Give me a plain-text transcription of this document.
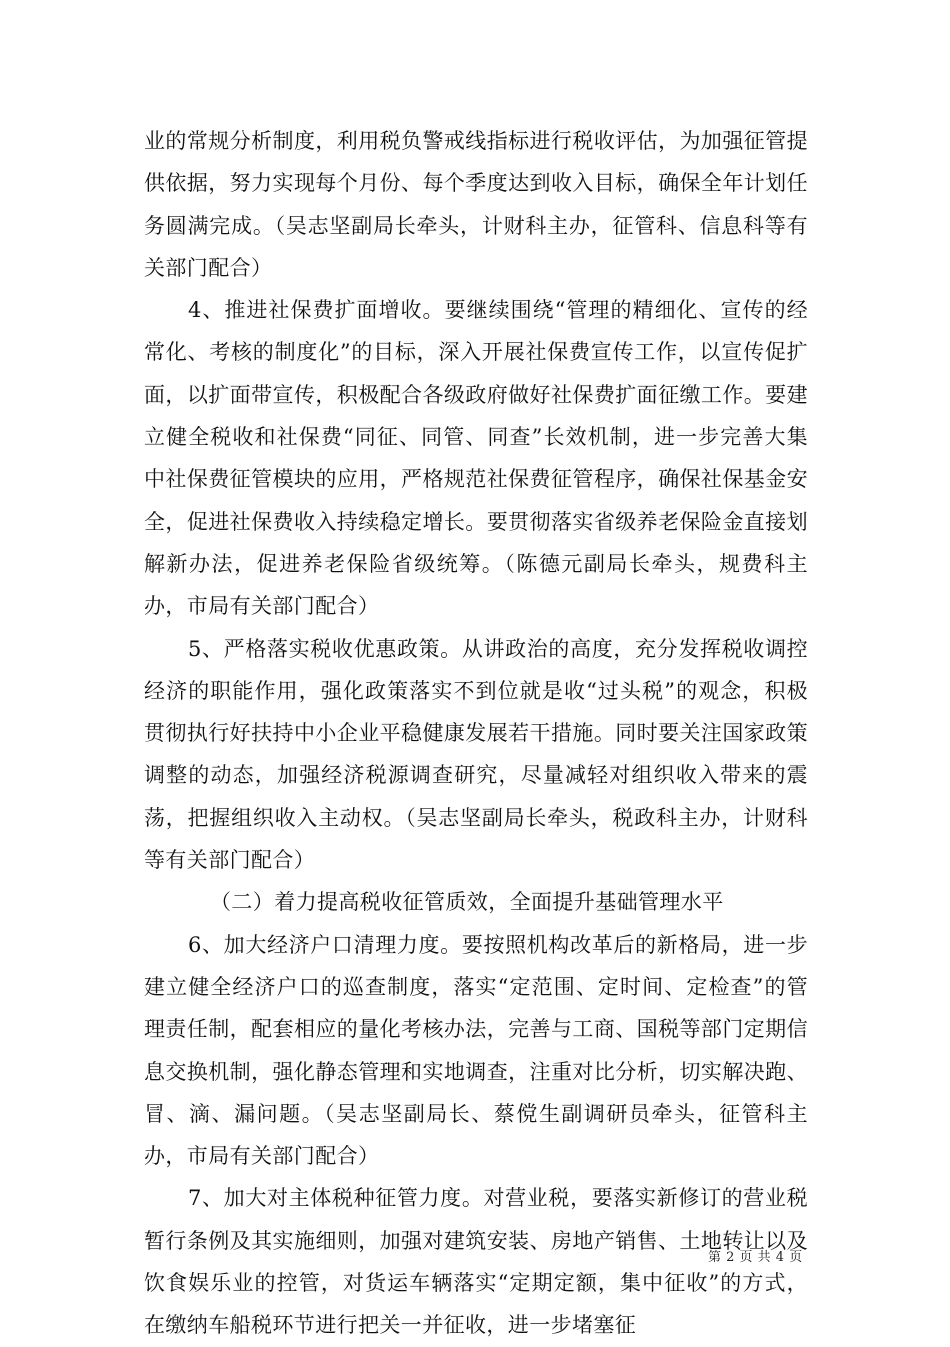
业的常规分析制度，利用税负警戒线指标进行税收评估，为加强征管提供依据，努力实现每个月份、每个季度达到收入目标，确保全年计划任务圆满完成。（吴志坚副局长牵头，计财科主办，征管科、信息科等有关部门配合）

4、推进社保费扩面增收。要继续围绕“管理的精细化、宣传的经常化、考核的制度化”的目标，深入开展社保费宣传工作，以宣传促扩面，以扩面带宣传，积极配合各级政府做好社保费扩面征缴工作。要建立健全税收和社保费“同征、同管、同查”长效机制，进一步完善大集中社保费征管模块的应用，严格规范社保费征管程序，确保社保基金安全，促进社保费收入持续稳定增长。要贯彻落实省级养老保险金直接划解新办法，促进养老保险省级统筹。（陈德元副局长牵头，规费科主办，市局有关部门配合）

5、严格落实税收优惠政策。从讲政治的高度，充分发挥税收调控经济的职能作用，强化政策落实不到位就是收“过头税”的观念，积极贯彻执行好扶持中小企业平稳健康发展若干措施。同时要关注国家政策调整的动态，加强经济税源调查研究，尽量减轻对组织收入带来的震荡，把握组织收入主动权。（吴志坚副局长牵头，税政科主办，计财科等有关部门配合）

（二）着力提高税收征管质效，全面提升基础管理水平

6、加大经济户口清理力度。要按照机构改革后的新格局，进一步建立健全经济户口的巡查制度，落实“定范围、定时间、定检查”的管理责任制，配套相应的量化考核办法，完善与工商、国税等部门定期信息交换机制，强化静态管理和实地调查，注重对比分析，切实解决跑、冒、滴、漏问题。（吴志坚副局长、蔡傥生副调研员牵头，征管科主办，市局有关部门配合）

7、加大对主体税种征管力度。对营业税，要落实新修订的营业税暂行条例及其实施细则，加强对建筑安装、房地产销售、土地转让以及饮食娱乐业的控管，对货运车辆落实“定期定额，集中征收”的方式，在缴纳车船税环节进行把关一并征收，进一步堵塞征

第 2 页 共 4 页
